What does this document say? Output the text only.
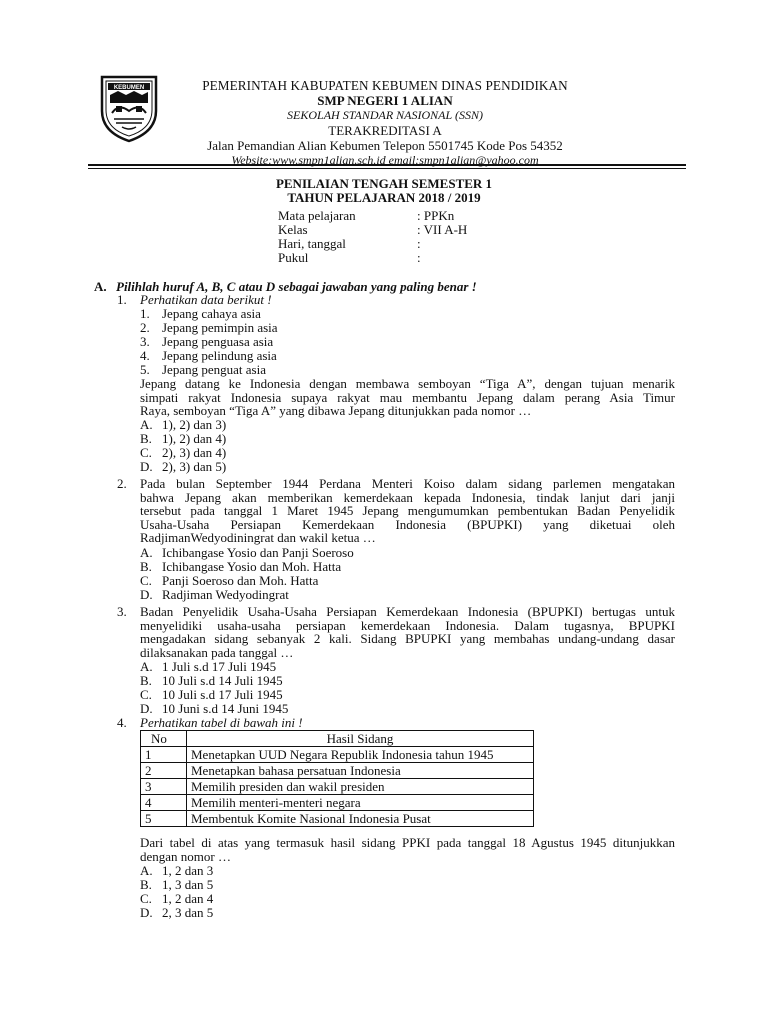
KEBUMEN	PEMERINTAH KABUPATEN KEBUMEN DINAS PENDIDIKAN
SMP NEGERI 1 ALIAN
SEKOLAH STANDAR NASIONAL (SSN)
TERAKREDITASI A
Jalan Pemandian Alian Kebumen Telepon 5501745 Kode Pos 54352
Website:www.smpn1alian.sch.id email:smpn1alian@yahoo.com
PENILAIAN TENGAH SEMESTER 1
TAHUN PELAJARAN 2018 / 2019
Mata pelajaran	: PPKn
Kelas	: VII A-H
Hari, tanggal	:
Pukul	:
A. Pilihlah huruf A, B, C atau D sebagai jawaban yang paling benar !
1. Perhatikan data berikut !
1. Jepang cahaya asia
2. Jepang pemimpin asia
3. Jepang penguasa asia
4. Jepang pelindung asia
5. Jepang penguat asia
Jepang datang ke Indonesia dengan membawa semboyan “Tiga A”, dengan tujuan menarik
simpati rakyat Indonesia supaya rakyat mau membantu Jepang dalam perang Asia Timur
Raya, semboyan “Tiga A” yang dibawa Jepang ditunjukkan pada nomor …
A. 1), 2) dan 3)
B. 1), 2) dan 4)
C. 2), 3) dan 4)
D. 2), 3) dan 5)
2. Pada bulan September 1944 Perdana Menteri Koiso dalam sidang parlemen mengatakan
bahwa Jepang akan memberikan kemerdekaan kepada Indonesia, tindak lanjut dari janji
tersebut pada tanggal 1 Maret 1945 Jepang mengumumkan pembentukan Badan Penyelidik
Usaha-Usaha Persiapan Kemerdekaan Indonesia (BPUPKI) yang diketuai oleh
RadjimanWedyodiningrat dan wakil ketua …
A. Ichibangase Yosio dan Panji Soeroso
B. Ichibangase Yosio dan Moh. Hatta
C. Panji Soeroso dan Moh. Hatta
D. Radjiman Wedyodingrat
3. Badan Penyelidik Usaha-Usaha Persiapan Kemerdekaan Indonesia (BPUPKI) bertugas untuk
menyelidiki usaha-usaha persiapan kemerdekaan Indonesia. Dalam tugasnya, BPUPKI
mengadakan sidang sebanyak 2 kali. Sidang BPUPKI yang membahas undang-undang dasar
dilaksanakan pada tanggal …
A. 1 Juli s.d 17 Juli 1945
B. 10 Juli s.d 14 Juli 1945
C. 10 Juli s.d 17 Juli 1945
D. 10 Juni s.d 14 Juni 1945
4. Perhatikan tabel di bawah ini !
No	Hasil Sidang
1	Menetapkan UUD Negara Republik Indonesia tahun 1945
2	Menetapkan bahasa persatuan Indonesia
3	Memilih presiden dan wakil presiden
4	Memilih menteri-menteri negara
5	Membentuk Komite Nasional Indonesia Pusat
Dari tabel di atas yang termasuk hasil sidang PPKI pada tanggal 18 Agustus 1945 ditunjukkan
dengan nomor …
A. 1, 2 dan 3
B. 1, 3 dan 5
C. 1, 2 dan 4
D. 2, 3 dan 5
